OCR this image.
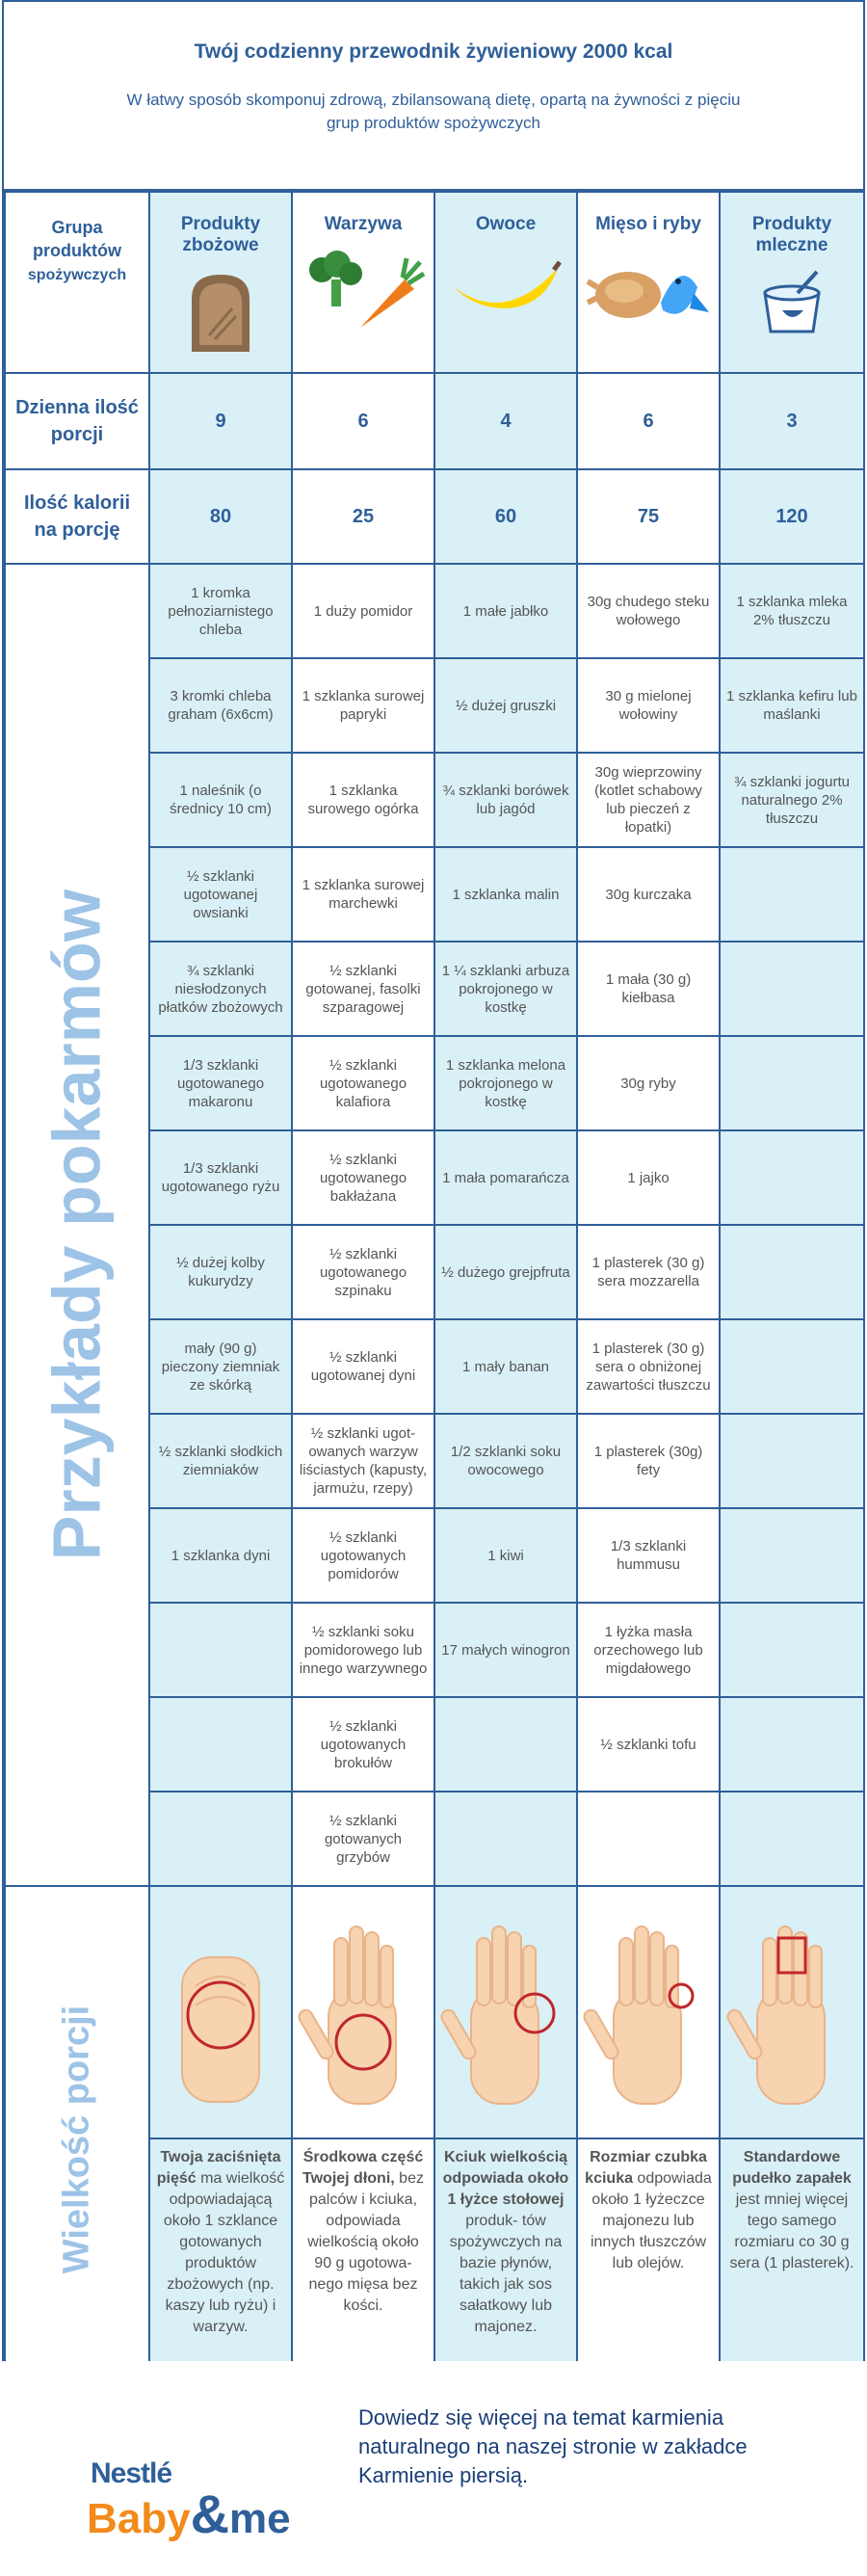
Twój codzienny przewodnik żywieniowy 2000 kcal

W łatwy sposób skomponuj zdrową, zbilansowaną dietę, opartą na żywności z pięciu grup produktów spożywczych

Grupa produktów
spożywczych	Produkty zbożowe	Warzywa	Owoce	Mięso i ryby	Produkty mleczne

Dzienna ilość porcji	9	6	4	6	3
Ilość kalorii na porcję	80	25	60	75	120

Przykłady pokarmów	1 kromka pełnoziarnistego chleba	1 duży pomidor	1 małe jabłko	30g chudego steku wołowego	1 szklanka mleka 2% tłuszczu
	3 kromki chleba graham (6x6cm)	1 szklanka surowej papryki	½ dużej gruszki	30 g mielonej wołowiny	1 szklanka kefiru lub maślanki
	1 naleśnik (o średnicy 10 cm)	1 szklanka surowego ogórka	¾ szklanki borówek lub jagód	30g wieprzowiny (kotlet schabowy lub pieczeń z łopatki)	¾ szklanki jogurtu naturalnego 2% tłuszczu
	½ szklanki ugotowanej owsianki	1 szklanka surowej marchewki	1 szklanka malin	30g kurczaka	
	¾ szklanki niesłodzonych płatków zbożowych	½ szklanki gotowanej, fasolki szparagowej	1 ¼ szklanki arbuza pokrojonego w kostkę	1 mała (30 g) kiełbasa	
	1/3 szklanki ugotowanego makaronu	½ szklanki ugotowanego kalafiora	1 szklanka melona pokrojonego w kostkę	30g ryby	
	1/3 szklanki ugotowanego ryżu	½ szklanki ugotowanego bakłażana	1 mała pomarańcza	1 jajko	
	½ dużej kolby kukurydzy	½ szklanki ugotowanego szpinaku	½ dużego grejpfruta	1 plasterek (30 g) sera mozzarella	
	mały (90 g) pieczony ziemniak ze skórką	½ szklanki ugotowanej dyni	1 mały banan	1 plasterek (30 g) sera o obniżonej zawartości tłuszczu	
	½ szklanki słodkich ziemniaków	½ szklanki ugot- owanych warzyw liściastych (kapusty, jarmużu, rzepy)	1/2 szklanki soku owocowego	1 plasterek (30g) fety	
	1 szklanka dyni	½ szklanki ugotowanych pomidorów	1 kiwi	1/3 szklanki hummusu	
		½ szklanki soku pomidorowego lub innego warzywnego	17 małych winogron	1 łyżka masła orzechowego lub migdałowego	
		½ szklanki ugotowanych brokułów		½ szklanki tofu	
		½ szklanki gotowanych grzybów			

Wielkość porcji

	Twoja zaciśnięta pięść ma wielkość odpowiadającą około 1 szklance gotowanych produktów zbożowych (np. kaszy lub ryżu) i warzyw.	Środkowa część Twojej dłoni, bez palców i kciuka, odpowiada wielkością około 90 g ugotowa- nego mięsa bez kości.	Kciuk wielkością odpowiada około 1 łyżce stołowej produk- tów spożywczych na bazie płynów, takich jak sos sałatkowy lub majonez.	Rozmiar czubka kciuka odpowiada około 1 łyżeczce majonezu lub innych tłuszczów lub olejów.	Standardowe pudełko zapałek jest mniej więcej tego samego rozmiaru co 30 g sera (1 plasterek).
Nestlé
Baby&me
Dowiedz się więcej na temat karmienia naturalnego na naszej stronie w zakładce Karmienie piersią.
